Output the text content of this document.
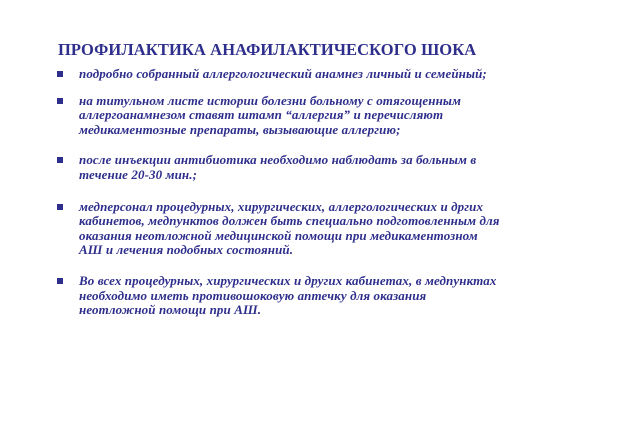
ПРОФИЛАКТИКА АНАФИЛАКТИЧЕСКОГО ШОКА
подробно собранный аллергологический анамнез личный и семейный;
на титульном листе истории болезни больному с отягощенным
аллергоанамнезом ставят штамп “аллергия” и перечисляют
медикаментозные препараты, вызывающие аллергию;
после инъекции антибиотика необходимо наблюдать за больным в
течение 20-30 мин.;
медперсонал процедурных, хирургических, аллергологических и дргих
кабинетов, медпунктов должен быть специально подготовленным для
оказания неотложной медицинской помощи при медикаментозном
АШ и лечения подобных состояний.
Во всех процедурных, хирургических и других кабинетах, в медпунктах
необходимо иметь противошоковую аптечку для оказания
неотложной помощи при АШ.
